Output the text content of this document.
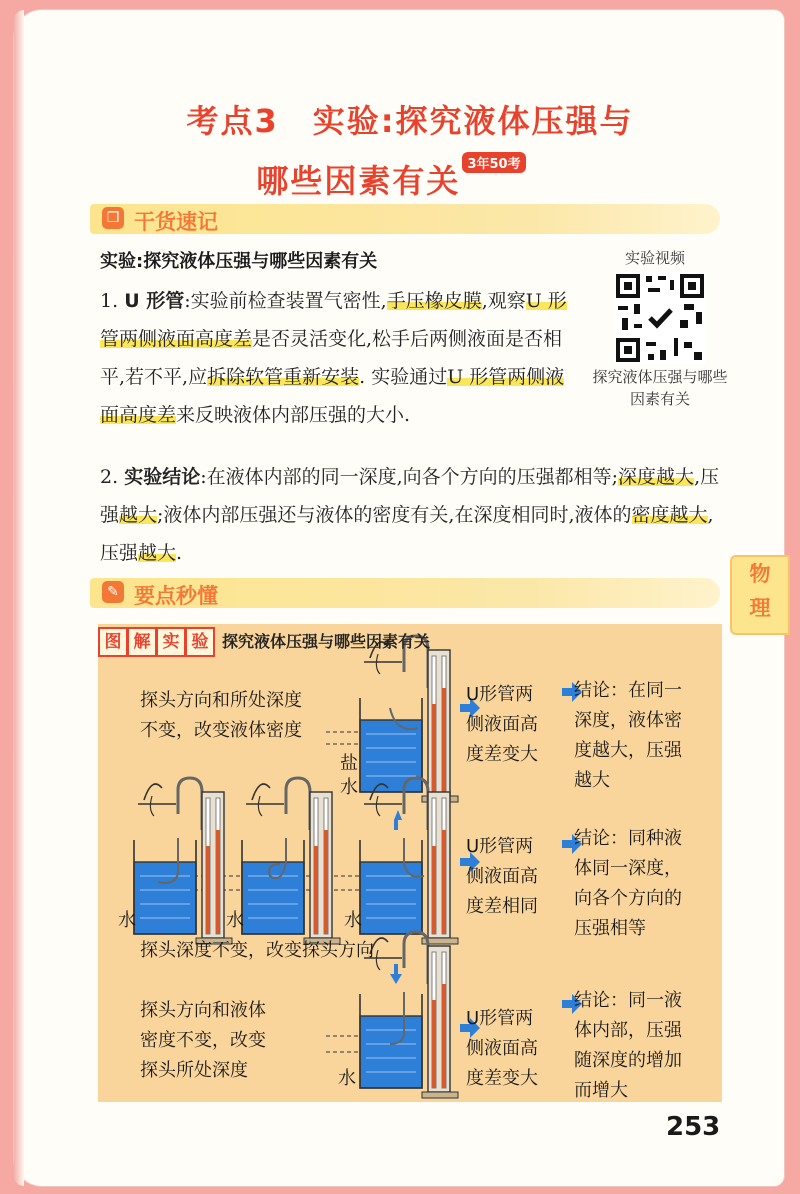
考点3　实验:探究液体压强与
哪些因素有关 3年50考
❐ 干货速记
实验:探究液体压强与哪些因素有关
1. U 形管:实验前检查装置气密性,手压橡皮膜,观察U 形管两侧液面高度差是否灵活变化,松手后两侧液面是否相平,若不平,应拆除软管重新安装. 实验通过U 形管两侧液面高度差来反映液体内部压强的大小.
实验视频
探究液体压强与哪些因素有关
2. 实验结论:在液体内部的同一深度,向各个方向的压强都相等;深度越大,压强越大;液体内部压强还与液体的密度有关,在深度相同时,液体的密度越大,压强越大.
物
理
✎ 要点秒懂
图 解 实 验 探究液体压强与哪些因素有关
探头方向和所处深度
不变，改变液体密度
盐
水
U形管两
侧液面高
度差变大
结论：在同一
深度，液体密
度越大，压强
越大
水	水	水
探头深度不变，改变探头方向
U形管两
侧液面高
度差相同
结论：同种液
体同一深度，
向各个方向的
压强相等
探头方向和液体
密度不变，改变
探头所处深度	水
U形管两
侧液面高
度差变大
结论：同一液
体内部，压强
随深度的增加
而增大
253
